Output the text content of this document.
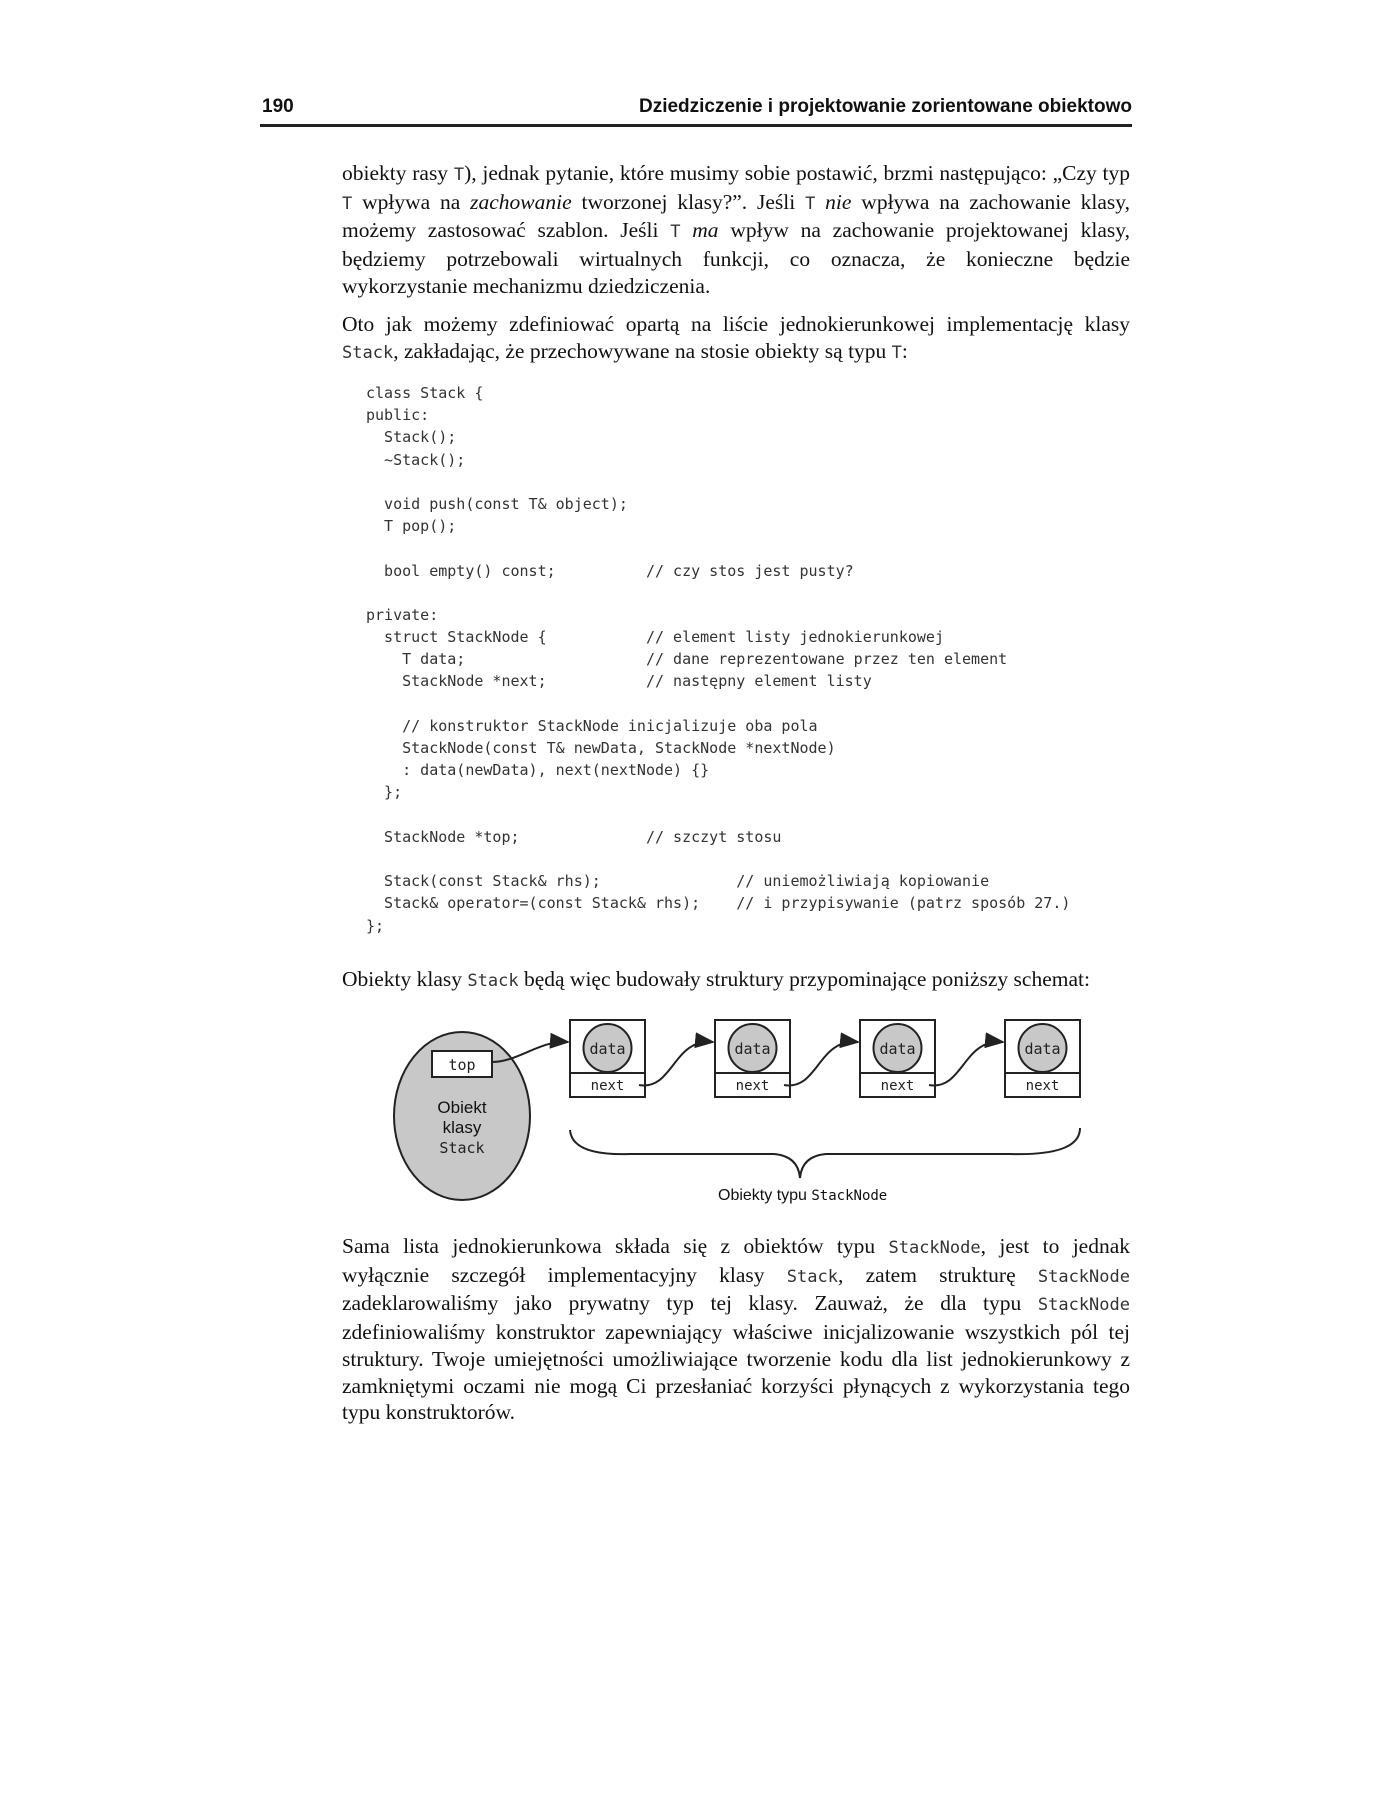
190	Dziedziczenie i projektowanie zorientowane obiektowo

obiekty rasy T), jednak pytanie, które musimy sobie postawić, brzmi następująco: „Czy typ T wpływa na zachowanie tworzonej klasy?”. Jeśli T nie wpływa na zachowanie klasy, możemy zastosować szablon. Jeśli T ma wpływ na zachowanie projektowanej klasy, będziemy potrzebowali wirtualnych funkcji, co oznacza, że konieczne będzie wykorzystanie mechanizmu dziedziczenia.

Oto jak możemy zdefiniować opartą na liście jednokierunkowej implementację klasy Stack, zakładając, że przechowywane na stosie obiekty są typu T:

class Stack {
public:
Stack();
~Stack();
void push(const T& object);
T pop();
bool empty() const;          // czy stos jest pusty?
private:
struct StackNode {           // element listy jednokierunkowej
T data;                    // dane reprezentowane przez ten element
StackNode *next;           // następny element listy
// konstruktor StackNode inicjalizuje oba pola
StackNode(const T& newData, StackNode *nextNode)
: data(newData), next(nextNode) {}
};
StackNode *top;              // szczyt stosu
Stack(const Stack& rhs);               // uniemożliwiają kopiowanie
Stack& operator=(const Stack& rhs);    // i przypisywanie (patrz sposób 27.)
};

Obiekty klasy Stack będą więc budowały struktury przypominające poniższy schemat:

top
Obiekt
klasy
Stack
data
next
data
next
data
next
data
next
Obiekty typu StackNode

Sama lista jednokierunkowa składa się z obiektów typu StackNode, jest to jednak wyłącznie szczegół implementacyjny klasy Stack, zatem strukturę StackNode zadeklarowaliśmy jako prywatny typ tej klasy. Zauważ, że dla typu StackNode zdefiniowaliśmy konstruktor zapewniający właściwe inicjalizowanie wszystkich pól tej struktury. Twoje umiejętności umożliwiające tworzenie kodu dla list jednokierunkowy z zamkniętymi oczami nie mogą Ci przesłaniać korzyści płynących z wykorzystania tego typu konstruktorów.
